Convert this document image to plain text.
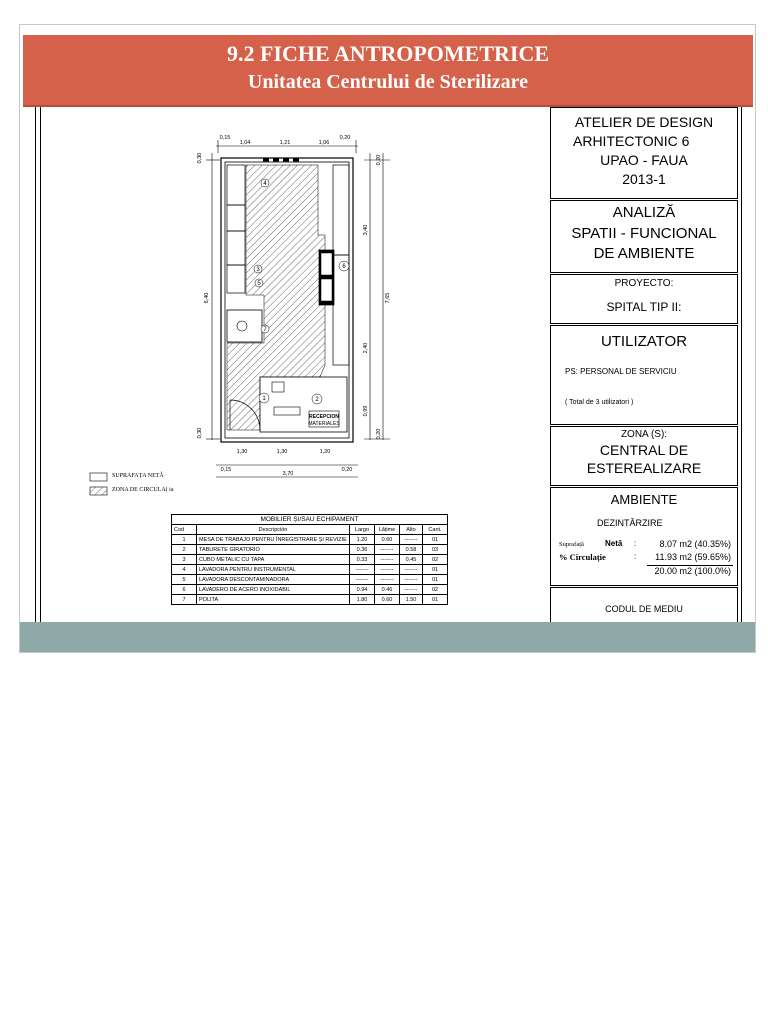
9.2 FICHE ANTROPOMETRICE
Unitatea Centrului de Sterilizare
RECEPCION
MATERIALES
1	2
3
4
5
6
7
0,15
1,04	1,21	1,06
0,20
1,30	1,30	1,20
0,15	0,20
3,70
0,30
6,40
0,30
0,20
3,40
2,40
0,99
0,20
7,65
SUPRAFAȚA NETĂ
ZONA DE CIRCULA( ia
MOBILIER ȘI/SAU ECHIPAMENT					
Cod	Descripción	Largo	Lățime	Alto	Cant.
1	MESA DE TRABAJO PENTRU ÎNREGISTRARE ȘI REVIZIE	1.20	0.60	-------	01
2	TABURETE GIRATORIO	0.36	-------	0.58	03
3	CUBO METALIC CU TAPA	0.33	-------	0.45	02
4	LAVADORA PENTRU INSTRUMENTAL	-------	-------	-------	01
5	LAVADORA DESCONTAMINADORA	-------	-------	-------	01
6	LAVADERO DE ACERO INOXIDABIL	0.94	0.46	-------	02
7	POLITA	1.80	0.60	1.50	01
ATELIER DE DESIGN
ARHITECTONIC 6
UPAO - FAUA
2013-1
ANALIZĂ
SPATII - FUNCIONAL
DE AMBIENTE
PROYECTO:
SPITAL TIP II:
UTILIZATOR
PS: PERSONAL DE SERVICIU
( Total de 3 utilizatori )
ZONA (S):
CENTRAL DE
ESTEREALIZARE
AMBIENTE
DEZINTĂRZIRE
Suprafață	Netă :	8.07 m2 (40.35%)
% Circulație	: 11.93 m2 (59.65%)
20.00 m2 (100.0%)
CODUL DE MEDIU
